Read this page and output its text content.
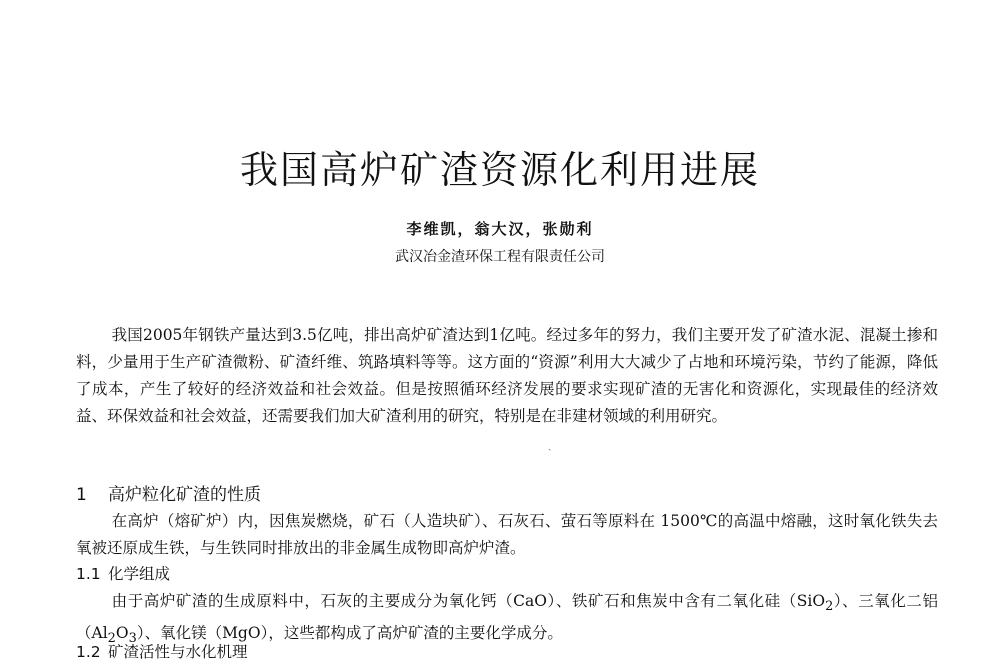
我国高炉矿渣资源化利用进展
李维凯，翁大汉，张勋利
武汉冶金渣环保工程有限责任公司

我国2005年钢铁产量达到3.5亿吨，排出高炉矿渣达到1亿吨。经过多年的努力，我们主要开发了矿渣水泥、混凝土掺和料，少量用于生产矿渣微粉、矿渣纤维、筑路填料等等。这方面的“资源”利用大大减少了占地和环境污染，节约了能源，降低了成本，产生了较好的经济效益和社会效益。但是按照循环经济发展的要求实现矿渣的无害化和资源化，实现最佳的经济效益、环保效益和社会效益，还需要我们加大矿渣利用的研究，特别是在非建材领域的利用研究。

ˏ
1 高炉粒化矿渣的性质

在高炉（熔矿炉）内，因焦炭燃烧，矿石（人造块矿）、石灰石、萤石等原料在 1500℃的高温中熔融，这时氧化铁失去氧被还原成生铁，与生铁同时排放出的非金属生成物即高炉炉渣。

1.1 化学组成

由于高炉矿渣的生成原料中，石灰的主要成分为氧化钙（CaO）、铁矿石和焦炭中含有二氧化硅（SiO$_2$）、三氧化二铝$(Al_2O_3)$、氧化镁（MgO），这些都构成了高炉矿渣的主要化学成分。

1.2 矿渣活性与水化机理
